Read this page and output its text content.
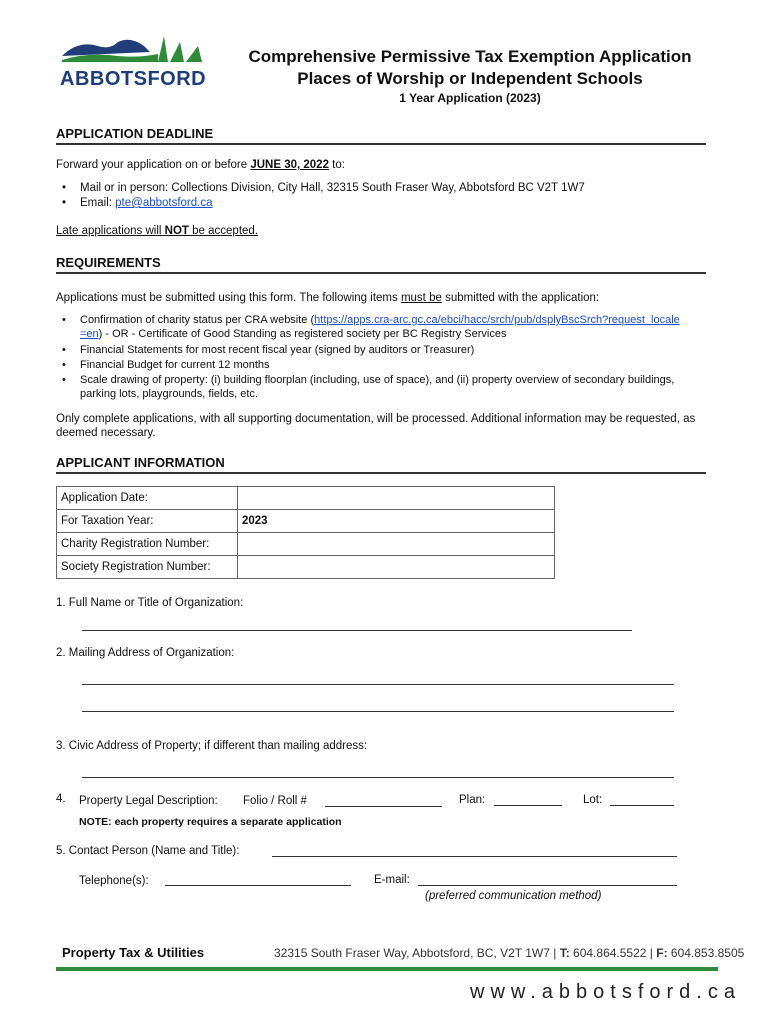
ABBOTSFORD
Comprehensive Permissive Tax Exemption Application
Places of Worship or Independent Schools
1 Year Application (2023)
APPLICATION DEADLINE
Forward your application on or before JUNE 30, 2022 to:
• Mail or in person: Collections Division, City Hall, 32315 South Fraser Way, Abbotsford BC V2T 1W7
• Email: pte@abbotsford.ca
Late applications will NOT be accepted.
REQUIREMENTS
Applications must be submitted using this form. The following items must be submitted with the application:
• Confirmation of charity status per CRA website (https://apps.cra-arc.gc.ca/ebci/hacc/srch/pub/dsplyBscSrch?request_locale=en) - OR - Certificate of Good Standing as registered society per BC Registry Services
• Financial Statements for most recent fiscal year (signed by auditors or Treasurer)
• Financial Budget for current 12 months
• Scale drawing of property: (i) building floorplan (including, use of space), and (ii) property overview of secondary buildings, parking lots, playgrounds, fields, etc.
Only complete applications, with all supporting documentation, will be processed. Additional information may be requested, as deemed necessary.
APPLICANT INFORMATION
Application Date:	
For Taxation Year:	2023
Charity Registration Number:	
Society Registration Number:	
1. Full Name or Title of Organization:
2. Mailing Address of Organization:
3. Civic Address of Property; if different than mailing address:
4.	Property Legal Description:	Folio / Roll #	Plan:	Lot:
NOTE: each property requires a separate application
5. Contact Person (Name and Title):
Telephone(s):	E-mail:
(preferred communication method)
Property Tax & Utilities	32315 South Fraser Way, Abbotsford, BC, V2T 1W7 | T: 604.864.5522 | F: 604.853.8505
www.abbotsford.ca
